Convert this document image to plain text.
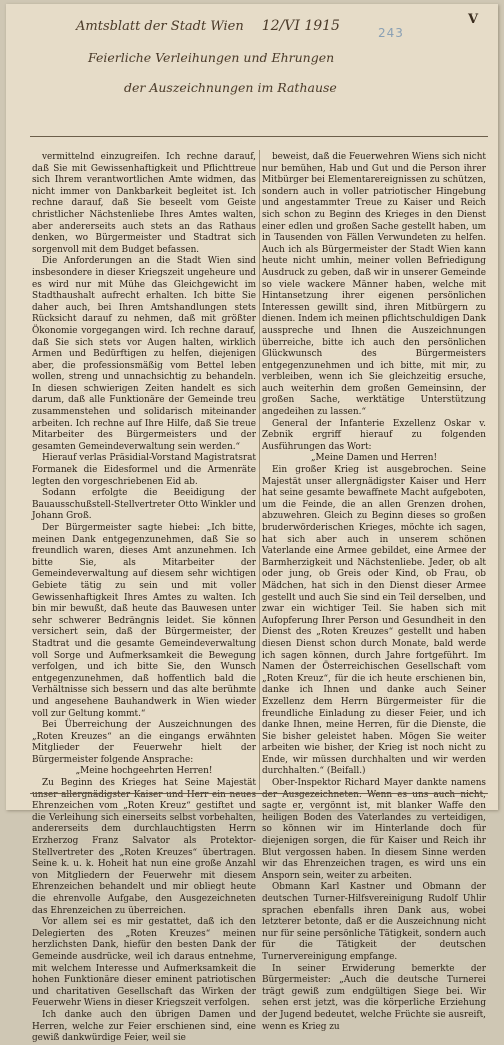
Amtsblatt der Stadt Wien 12/VI 1915
Feierliche Verleihungen und Ehrungen
der Auszeichnungen im Rathause
V
243

vermittelnd einzugreifen. Ich rechne darauf, daß Sie mit Gewissenhaftigkeit und Pflichttreue sich Ihrem verantwortlichen Amte widmen, das nicht immer von Dankbarkeit begleitet ist. Ich rechne darauf, daß Sie beseelt vom Geiste christlicher Nächstenliebe Ihres Amtes walten, aber andererseits auch stets an das Rathaus denken, wo Bürgermeister und Stadtrat sich sorgenvoll mit dem Budget befassen.

Die Anforderungen an die Stadt Wien sind insbesondere in dieser Kriegszeit ungeheure und es wird nur mit Mühe das Gleichgewicht im Stadthaushalt aufrecht erhalten. Ich bitte Sie daher auch, bei Ihren Amtshandlungen stets Rücksicht darauf zu nehmen, daß mit größter Ökonomie vorgegangen wird. Ich rechne darauf, daß Sie sich stets vor Augen halten, wirklich Armen und Bedürftigen zu helfen, diejenigen aber, die professionsmäßig vom Bettel leben wollen, streng und unnachsichtig zu behandeln. In diesen schwierigen Zeiten handelt es sich darum, daß alle Funktionäre der Gemeinde treu zusammenstehen und solidarisch miteinander arbeiten. Ich rechne auf Ihre Hilfe, daß Sie treue Mitarbeiter des Bürgermeisters und der gesamten Gemeindeverwaltung sein werden.“

Hierauf verlas Präsidial-Vorstand Magistratsrat Formanek die Eidesformel und die Armenräte legten den vorgeschriebenen Eid ab.

Sodann erfolgte die Beeidigung der Bauausschußstell-Stellvertreter Otto Winkler und Johann Groß.

Der Bürgermeister sagte hiebei: „Ich bitte, meinen Dank entgegenzunehmen, daß Sie so freundlich waren, dieses Amt anzunehmen. Ich bitte Sie, als Mitarbeiter der Gemeindeverwaltung auf diesem sehr wichtigen Gebiete tätig zu sein und mit voller Gewissenhaftigkeit Ihres Amtes zu walten. Ich bin mir bewußt, daß heute das Bauwesen unter sehr schwerer Bedrängnis leidet. Sie können versichert sein, daß der Bürgermeister, der Stadtrat und die gesamte Gemeindeverwaltung voll Sorge und Aufmerksamkeit die Bewegung verfolgen, und ich bitte Sie, den Wunsch entgegenzunehmen, daß hoffentlich bald die Verhältnisse sich bessern und das alte berühmte und angesehene Bauhandwerk in Wien wieder voll zur Geltung kommt.“

Bei Überreichung der Auszeichnungen des „Roten Kreuzes“ an die eingangs erwähnten Mitglieder der Feuerwehr hielt der Bürgermeister folgende Ansprache:

„Meine hochgeehrten Herren!

Zu Beginn des Krieges hat Seine Majestät unser allergnädigster Kaiser und Herr ein neues Ehrenzeichen vom „Roten Kreuz“ gestiftet und die Verleihung sich einerseits selbst vorbehalten, andererseits dem durchlauchtigsten Herrn Erzherzog Franz Salvator als Protektor-Stellvertreter des „Roten Kreuzes“ übertragen. Seine k. u. k. Hoheit hat nun eine große Anzahl von Mitgliedern der Feuerwehr mit diesem Ehrenzeichen behandelt und mir obliegt heute die ehrenvolle Aufgabe, den Ausgezeichneten das Ehrenzeichen zu überreichen.

Vor allem sei es mir gestattet, daß ich den Delegierten des „Roten Kreuzes“ meinen herzlichsten Dank, hiefür den besten Dank der Gemeinde ausdrücke, weil ich daraus entnehme, mit welchem Interesse und Aufmerksamkeit die hohen Funktionäre dieser eminent patriotischen und charitativen Gesellschaft das Wirken der Feuerwehr Wiens in dieser Kriegszeit verfolgen.

Ich danke auch den übrigen Damen und Herren, welche zur Feier erschienen sind, eine gewiß dankwürdige Feier, weil sie

beweist, daß die Feuerwehren Wiens sich nicht nur bemühen, Hab und Gut und die Person ihrer Mitbürger bei Elementarereignissen zu schützen, sondern auch in voller patriotischer Hingebung und angestammter Treue zu Kaiser und Reich sich schon zu Beginn des Krieges in den Dienst einer edlen und großen Sache gestellt haben, um in Tausenden von Fällen Verwundeten zu helfen. Auch ich als Bürgermeister der Stadt Wien kann heute nicht umhin, meiner vollen Befriedigung Ausdruck zu geben, daß wir in unserer Gemeinde so viele wackere Männer haben, welche mit Hintansetzung ihrer eigenen persönlichen Interessen gewillt sind, ihren Mitbürgern zu dienen. Indem ich meinen pflichtschuldigen Dank ausspreche und Ihnen die Auszeichnungen überreiche, bitte ich auch den persönlichen Glückwunsch des Bürgermeisters entgegenzunehmen und ich bitte, mit mir, zu verbleiben, wenn ich Sie gleichzeitig ersuche, auch weiterhin dem großen Gemeinsinn, der großen Sache, werktätige Unterstützung angedeihen zu lassen.“

General der Infanterie Exzellenz Oskar v. Zebnik ergriff hierauf zu folgenden Ausführungen das Wort:

„Meine Damen und Herren!

Ein großer Krieg ist ausgebrochen. Seine Majestät unser allergnädigster Kaiser und Herr hat seine gesamte bewaffnete Macht aufgeboten, um die Feinde, die an allen Grenzen drohen, abzuwehren. Gleich zu Beginn dieses so großen bruderwörderischen Krieges, möchte ich sagen, hat sich aber auch in unserem schönen Vaterlande eine Armee gebildet, eine Armee der Barmherzigkeit und Nächstenliebe. Jeder, ob alt oder jung, ob Greis oder Kind, ob Frau, ob Mädchen, hat sich in den Dienst dieser Armee gestellt und auch Sie sind ein Teil derselben, und zwar ein wichtiger Teil. Sie haben sich mit Aufopferung Ihrer Person und Gesundheit in den Dienst des „Roten Kreuzes“ gestellt und haben diesen Dienst schon durch Monate, bald werde ich sagen können, durch Jahre fortgeführt. Im Namen der Österreichischen Gesellschaft vom „Roten Kreuz“, für die ich heute erschienen bin, danke ich Ihnen und danke auch Seiner Exzellenz dem Herrn Bürgermeister für die freundliche Einladung zu dieser Feier, und ich danke Ihnen, meine Herren, für die Dienste, die Sie bisher geleistet haben. Mögen Sie weiter arbeiten wie bisher, der Krieg ist noch nicht zu Ende, wir müssen durchhalten und wir werden durchhalten.“ (Beifall.)

Ober-Inspektor Richard Mayer dankte namens der Ausgezeichneten. Wenn es uns auch nicht, sagte er, vergönnt ist, mit blanker Waffe den heiligen Boden des Vaterlandes zu verteidigen, so können wir im Hinterlande doch für diejenigen sorgen, die für Kaiser und Reich ihr Blut vergossen haben. In diesem Sinne werden wir das Ehrenzeichen tragen, es wird uns ein Ansporn sein, weiter zu arbeiten.

Obmann Karl Kastner und Obmann der deutschen Turner-Hilfsvereinigung Rudolf Uhlir sprachen ebenfalls ihren Dank aus, wobei letzterer betonte, daß er die Auszeichnung nicht nur für seine persönliche Tätigkeit, sondern auch für die Tätigkeit der deutschen Turnervereinigung empfange.

In seiner Erwiderung bemerkte der Bürgermeister: „Auch die deutsche Turnerei trägt gewiß zum endgültigen Siege bei. Wir sehen erst jetzt, was die körperliche Erziehung der Jugend bedeutet, welche Früchte sie ausreift, wenn es Krieg zu
